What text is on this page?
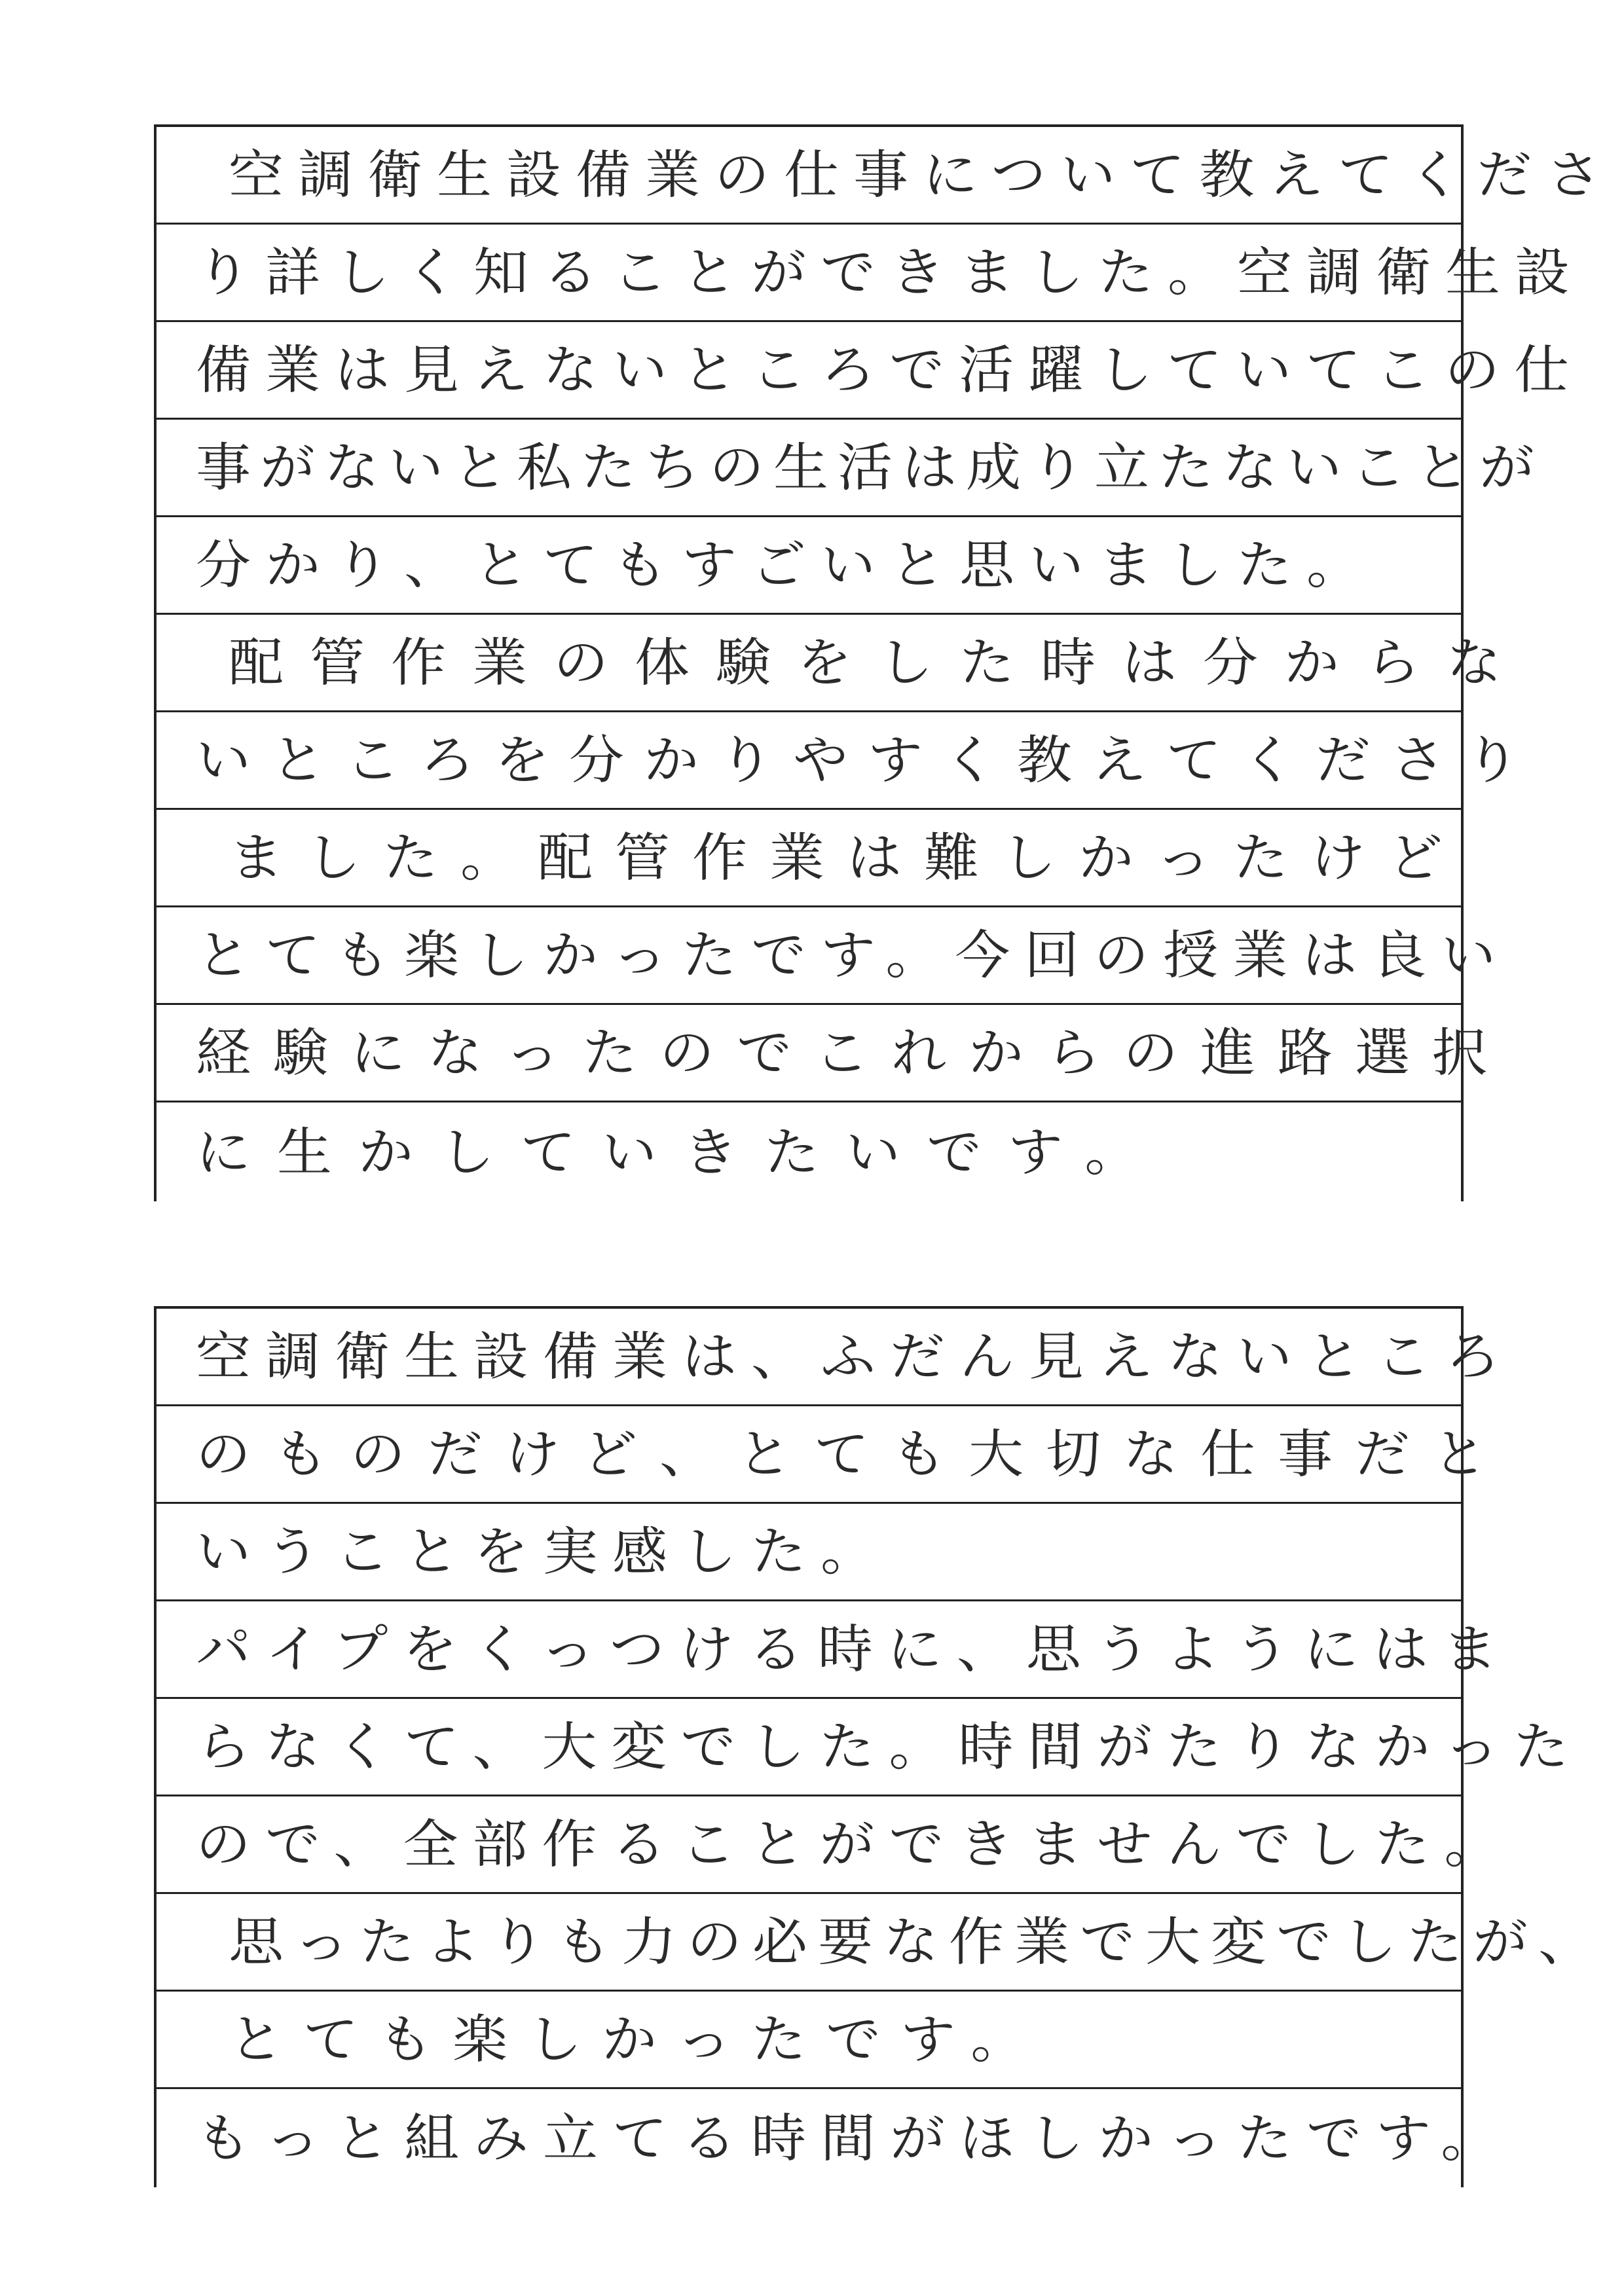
空調衛生設備業の仕事について教えてくださ
り詳しく知ることができました。空調衛生設
備業は見えないところで活躍していてこの仕
事がないと私たちの生活は成り立たないことが
分かり、とてもすごいと思いました。
配管作業の体験をした時は分からな
いところを分かりやすく教えてくださり
ました。配管作業は難しかったけど
とても楽しかったです。今回の授業は良い
経験になったのでこれからの進路選択
に生かしていきたいです。
空調衛生設備業は、ふだん見えないところ
のものだけど、とても大切な仕事だと
いうことを実感した。
パイプをくっつける時に、思うようにはま
らなくて、大変でした。時間がたりなかった
ので、全部作ることができませんでした。
思ったよりも力の必要な作業で大変でしたが、
とても楽しかったです。
もっと組み立てる時間がほしかったです。
